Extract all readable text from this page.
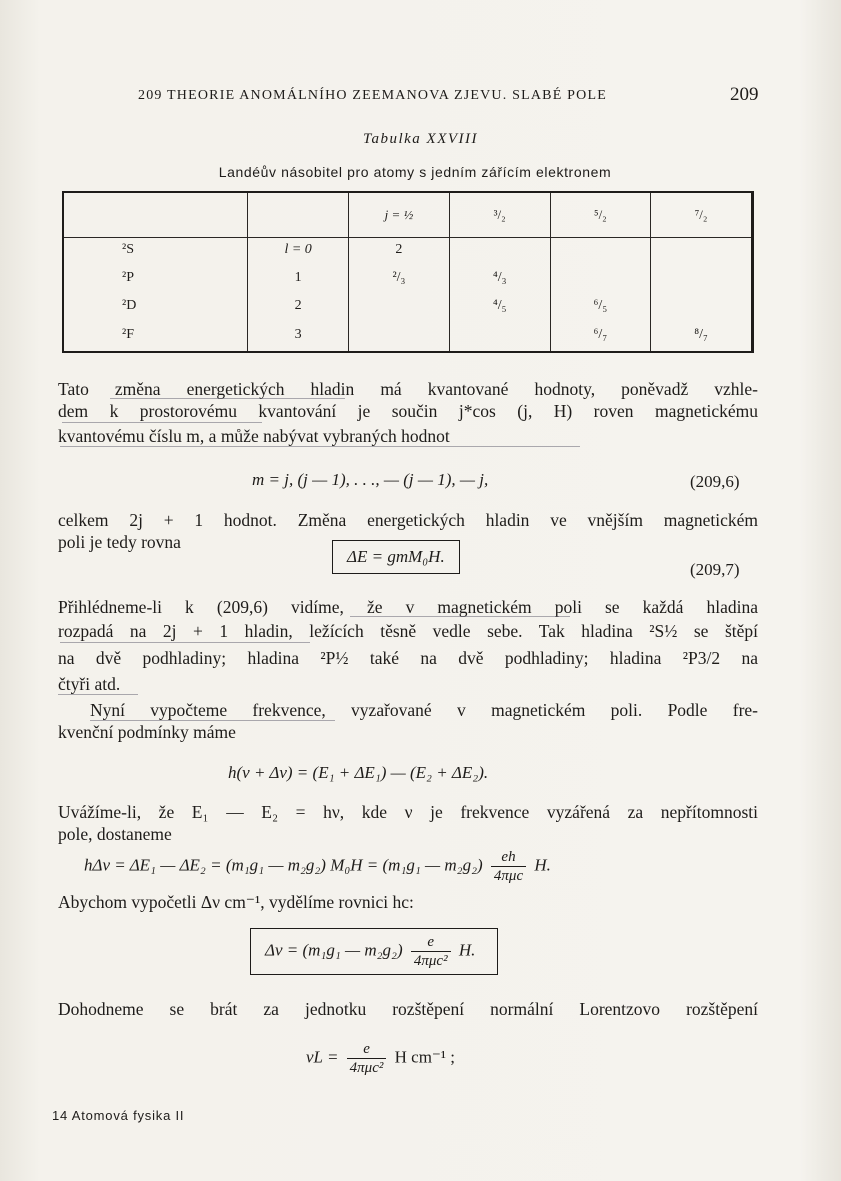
209 THEORIE ANOMÁLNÍHO ZEEMANOVA ZJEVU. SLABÉ POLE	209
Tabulka XXVIII
Landéův násobitel pro atomy s jedním zářícím elektronem
		j = ½	³/₂	⁵/₂	⁷/₂
²S	l = 0	2			
²P	1	²/₃	⁴/₃		
²D	2		⁴/₅	⁶/₅	
²F	3			⁶/₇	⁸/₇
Tato změna energetických hladin má kvantované hodnoty, poněvadž vzhle-
dem k prostorovému kvantování je součin j*cos (j, H) roven magnetickému
kvantovému číslu m, a může nabývat vybraných hodnot
m = j, (j — 1), . . ., — (j — 1), — j,	(209,6)
celkem 2j + 1 hodnot. Změna energetických hladin ve vnějším magnetickém
poli je tedy rovna
ΔE = gmM₀H.
(209,7)
Přihlédneme-li k (209,6) vidíme, že v magnetickém poli se každá hladina
rozpadá na 2j + 1 hladin, ležících těsně vedle sebe. Tak hladina ²S½ se štěpí
na dvě podhladiny; hladina ²P½ také na dvě podhladiny; hladina ²P3/2 na
čtyři atd.
Nyní vypočteme frekvence, vyzařované v magnetickém poli. Podle fre-
kvenční podmínky máme
h(ν + Δν) = (E₁ + ΔE₁) — (E₂ + ΔE₂).
Uvážíme-li, že E₁ — E₂ = hν, kde ν je frekvence vyzářená za nepřítomnosti
pole, dostaneme
hΔν = ΔE₁ — ΔE₂ = (m₁g₁ — m₂g₂) M₀H = (m₁g₁ — $m_2g_2) \frac{eh}{\text{4πμc}} H$.
Abychom vypočetli Δν cm⁻¹, vydělíme rovnici hc:
Δν = (m₁g₁ — $m_2g_2) \frac{e}{\text{4πμc²}} H$.
Dohodneme se brát za jednotku rozštěpení normální Lorentzovo rozštěpení
$\nu L = \frac{e}{\text{4πμc²}}$ H cm⁻¹ ;
14 Atomová fysika II
